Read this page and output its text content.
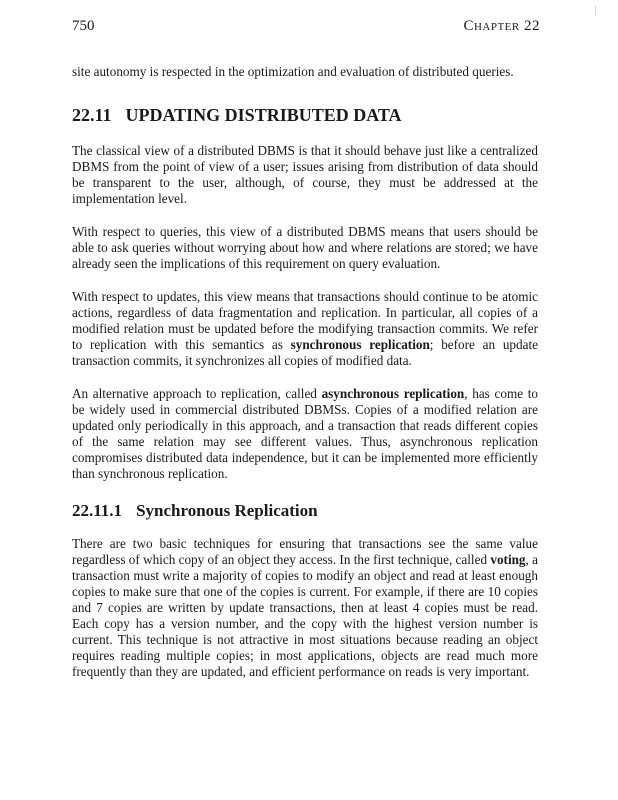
750	Chapter 22

site autonomy is respected in the optimization and evaluation of distributed queries.

22.11 UPDATING DISTRIBUTED DATA

The classical view of a distributed DBMS is that it should behave just like a centralized DBMS from the point of view of a user; issues arising from distribution of data should be transparent to the user, although, of course, they must be addressed at the implementation level.

With respect to queries, this view of a distributed DBMS means that users should be able to ask queries without worrying about how and where relations are stored; we have already seen the implications of this requirement on query evaluation.

With respect to updates, this view means that transactions should continue to be atomic actions, regardless of data fragmentation and replication. In particular, all copies of a modified relation must be updated before the modifying transaction commits. We refer to replication with this semantics as synchronous replication; before an update transaction commits, it synchronizes all copies of modified data.

An alternative approach to replication, called asynchronous replication, has come to be widely used in commercial distributed DBMSs. Copies of a modified relation are updated only periodically in this approach, and a transaction that reads different copies of the same relation may see different values. Thus, asynchronous replication compromises distributed data independence, but it can be implemented more efficiently than synchronous replication.

22.11.1 Synchronous Replication

There are two basic techniques for ensuring that transactions see the same value regardless of which copy of an object they access. In the first technique, called voting, a transaction must write a majority of copies to modify an object and read at least enough copies to make sure that one of the copies is current. For example, if there are 10 copies and 7 copies are written by update transactions, then at least 4 copies must be read. Each copy has a version number, and the copy with the highest version number is current. This technique is not attractive in most situations because reading an object requires reading multiple copies; in most applications, objects are read much more frequently than they are updated, and efficient performance on reads is very important.
